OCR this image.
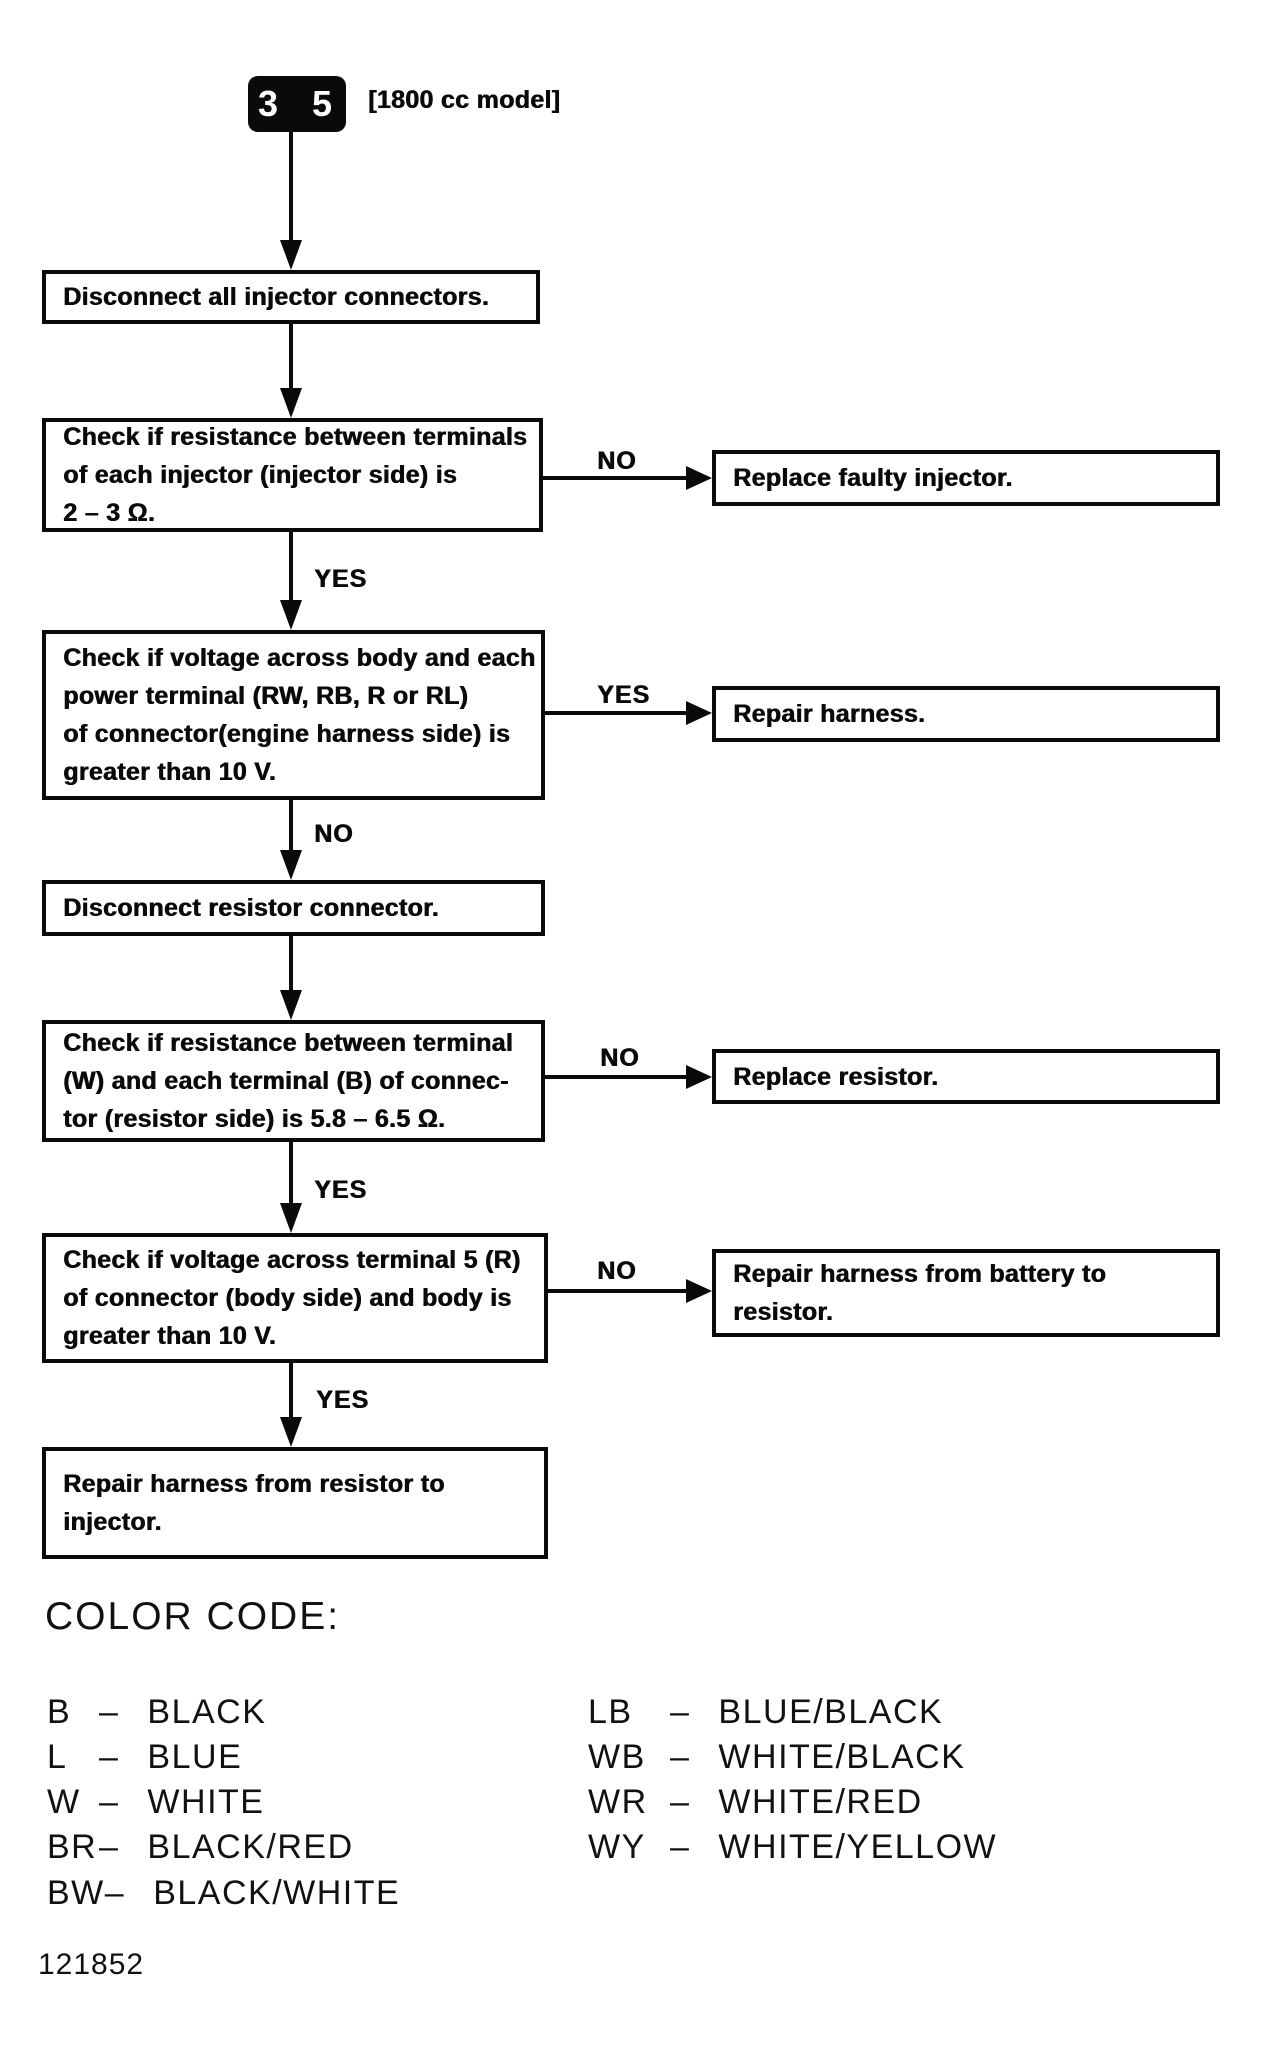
3 5 [1800 cc model]
NO
YES
YES
NO
NO
YES
NO
YES
Disconnect all injector connectors.
Check if resistance between terminals
of each injector (injector side) is
2 – 3 Ω.
Check if voltage across body and each
power terminal (RW, RB, R or RL)
of connector(engine harness side) is
greater than 10 V.
Disconnect resistor connector.
Check if resistance between terminal
(W) and each terminal (B) of connec-
tor (resistor side) is 5.8 – 6.5 Ω.
Check if voltage across terminal 5 (R)
of connector (body side) and body is
greater than 10 V.
Repair harness from resistor to
injector.
Replace faulty injector.
Repair harness.
Replace resistor.
Repair harness from battery to
resistor.
COLOR CODE:
B – BLACK
L – BLUE
W – WHITE
BR – BLACK/RED
BW – BLACK/WHITE
LB	– BLUE/BLACK
WB – WHITE/BLACK
WR – WHITE/RED
WY – WHITE/YELLOW
121852
